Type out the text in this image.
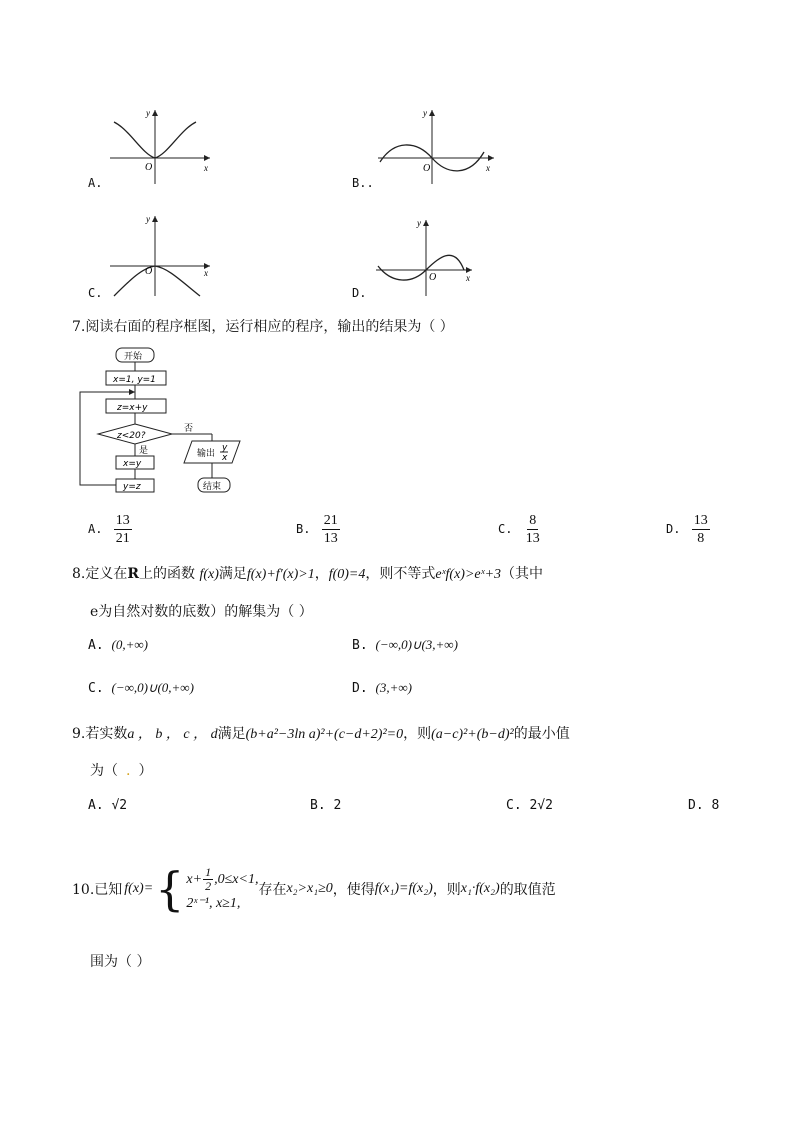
y
x
O
A.
y
x
O
B..
y
x
O
C.
y
x
O
D.
7.阅读右面的程序框图，运行相应的程序，输出的结果为（ ）
开始
x=1, y=1
z=x+y
z<20?
否
输出
y
x
结束
是
x=y
y=z
A. $\frac{13}{21}$	B. $\frac{21}{13}$	C. $\frac{8}{13}$	D. $\frac{13}{8}$
8.定义在R上的函数 f(x)满足f(x)+f′(x)>1，f(0)=4，则不等式eˣf(x)>eˣ+3（其中
e为自然对数的底数）的解集为（ ）
A. (0,+∞)	B. (−∞,0)∪(3,+∞)
C. (−∞,0)∪(0,+∞)	D. (3,+∞)
9.若实数a ， b ， c ， d满足(b+a²−3ln a)²+(c−d+2)²=0，则(a−c)²+(b−d)²的最小值
为（ . ）
A. √2	B. 2	C. 2√2	D. 8
10.已知 f(x)= { $x+ \frac{1}{2} ,0\le x<1$,
2ˣ⁻¹, x≥1,
存在 x₂>x₁≥0 ，使得 f(x₁)=f(x₂) ，则 x₁·f(x₂) 的取值范
围为（ ）
